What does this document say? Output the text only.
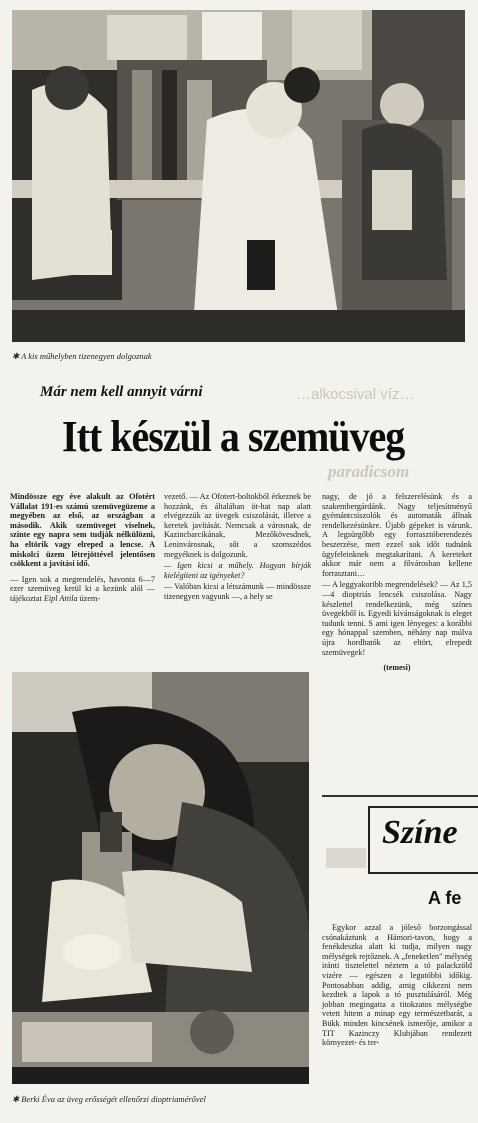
✱ A kis műhelyben tizenegyen dolgoznak
…alkocsival víz…
paradicsom
Már nem kell annyit várni
Itt készül a szemüveg

Mindössze egy éve alakult az Ofotért Vállalat 191-es számú szemüvegüzeme a megyében az első, az országban a második. Akik szemüveget viselnek, szinte egy napra sem tudják nélkülözni, ha eltörik vagy elreped a lencse. A miskolci üzem létrejöttével jelentősen csökkent a javítási idő.

— Igen sok a megrendelés, havonta 6—7 ezer szemüveg kerül ki a kezünk alól — tájékoztat Eipl Attila üzem-

vezető. — Az Ofotert-boltokból érkeznek be hozzánk, és általában öt-hat nap alatt elvégezzük az üvegek csiszolását, illetve a keretek javítását. Nemcsak a városnak, de Kazincbarcikának, Mezőkövesdnek, Leninvárosnak, sőt a szomszédos megyéknek is dolgozunk.

— Igen kicsi a műhely. Hogyan bírják kielégíteni az igényeket?

— Valóban kicsi a létszámunk — mindössze tizenegyen vagyunk —, a hely se

nagy, de jó a felszerelésünk és a szakembergárdánk. Nagy teljesítményű gyémántcsiszolók és automaták állnak rendelkezésünkre. Újabb gépeket is várunk. A legsürgőbb egy forrasztóberendezés beszerzése, mert ezzel sok időt tudnánk ügyfeleinknek megtakarítani. A kereteket akkor már nem a fővárosban kellene forrasztani…

— A leggyakoribb megrendelések? — Az 1,5—4 dioptriás lencsék csiszolása. Nagy készlettel rendelkezünk, még színes üvegekből is. Egyedi kívánságoknak is eleget tudunk tenni. S ami igen lényeges: a korábbi egy hónappal szemben, néhány nap múlva újra hordhatók az eltört, elrepedt szemüvegek!

(temesi)

✱ Berki Éva az üveg erősségét ellenőrzi dioptriamérővel
Színe
A fe

Egykor azzal a jóleső borzongással csónakáztunk a Hámori-tavon, hogy a fenékdeszka alatt ki tudja, milyen nagy mélységek rejtőznek. A „feneketlen" mélység iránti tisztelettel néztem a tó palackzöld vizére — egészen a legutóbbi időkig. Pontosabban addig, amig cikkezni nem kezdtek a lapok a tó pusztulásáról. Még jobban megingatta a titokzatos mélységbe vetett hitem a minap egy természetbarát, a Bükk minden kincsének ismerője, amikor a TIT Kazinczy Klubjában rendezett környezet- és ter-
